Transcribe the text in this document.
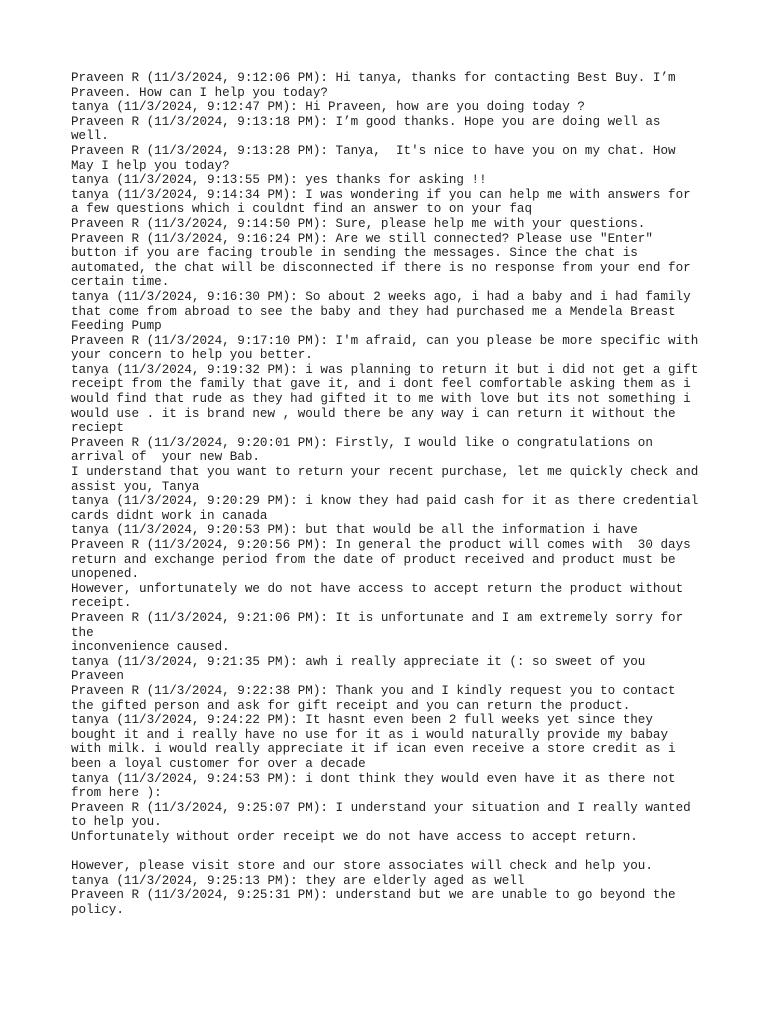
Praveen R (11/3/2024, 9:12:06 PM): Hi tanya, thanks for contacting Best Buy. I’m
Praveen. How can I help you today?
tanya (11/3/2024, 9:12:47 PM): Hi Praveen, how are you doing today ?
Praveen R (11/3/2024, 9:13:18 PM): I’m good thanks. Hope you are doing well as
well.
Praveen R (11/3/2024, 9:13:28 PM): Tanya,  It's nice to have you on my chat. How
May I help you today?
tanya (11/3/2024, 9:13:55 PM): yes thanks for asking !!
tanya (11/3/2024, 9:14:34 PM): I was wondering if you can help me with answers for
a few questions which i couldnt find an answer to on your faq
Praveen R (11/3/2024, 9:14:50 PM): Sure, please help me with your questions.
Praveen R (11/3/2024, 9:16:24 PM): Are we still connected? Please use "Enter"
button if you are facing trouble in sending the messages. Since the chat is
automated, the chat will be disconnected if there is no response from your end for
certain time.
tanya (11/3/2024, 9:16:30 PM): So about 2 weeks ago, i had a baby and i had family
that come from abroad to see the baby and they had purchased me a Mendela Breast
Feeding Pump
Praveen R (11/3/2024, 9:17:10 PM): I'm afraid, can you please be more specific with
your concern to help you better.
tanya (11/3/2024, 9:19:32 PM): i was planning to return it but i did not get a gift
receipt from the family that gave it, and i dont feel comfortable asking them as i
would find that rude as they had gifted it to me with love but its not something i
would use . it is brand new , would there be any way i can return it without the
reciept
Praveen R (11/3/2024, 9:20:01 PM): Firstly, I would like o congratulations on
arrival of  your new Bab.
I understand that you want to return your recent purchase, let me quickly check and
assist you, Tanya
tanya (11/3/2024, 9:20:29 PM): i know they had paid cash for it as there credential
cards didnt work in canada
tanya (11/3/2024, 9:20:53 PM): but that would be all the information i have
Praveen R (11/3/2024, 9:20:56 PM): In general the product will comes with  30 days
return and exchange period from the date of product received and product must be
unopened.
However, unfortunately we do not have access to accept return the product without
receipt.
Praveen R (11/3/2024, 9:21:06 PM): It is unfortunate and I am extremely sorry for
the
inconvenience caused.
tanya (11/3/2024, 9:21:35 PM): awh i really appreciate it (: so sweet of you
Praveen
Praveen R (11/3/2024, 9:22:38 PM): Thank you and I kindly request you to contact
the gifted person and ask for gift receipt and you can return the product.
tanya (11/3/2024, 9:24:22 PM): It hasnt even been 2 full weeks yet since they
bought it and i really have no use for it as i would naturally provide my babay
with milk. i would really appreciate it if ican even receive a store credit as i
been a loyal customer for over a decade
tanya (11/3/2024, 9:24:53 PM): i dont think they would even have it as there not
from here ):
Praveen R (11/3/2024, 9:25:07 PM): I understand your situation and I really wanted
to help you.
Unfortunately without order receipt we do not have access to accept return.
However, please visit store and our store associates will check and help you.
tanya (11/3/2024, 9:25:13 PM): they are elderly aged as well
Praveen R (11/3/2024, 9:25:31 PM): understand but we are unable to go beyond the
policy.
